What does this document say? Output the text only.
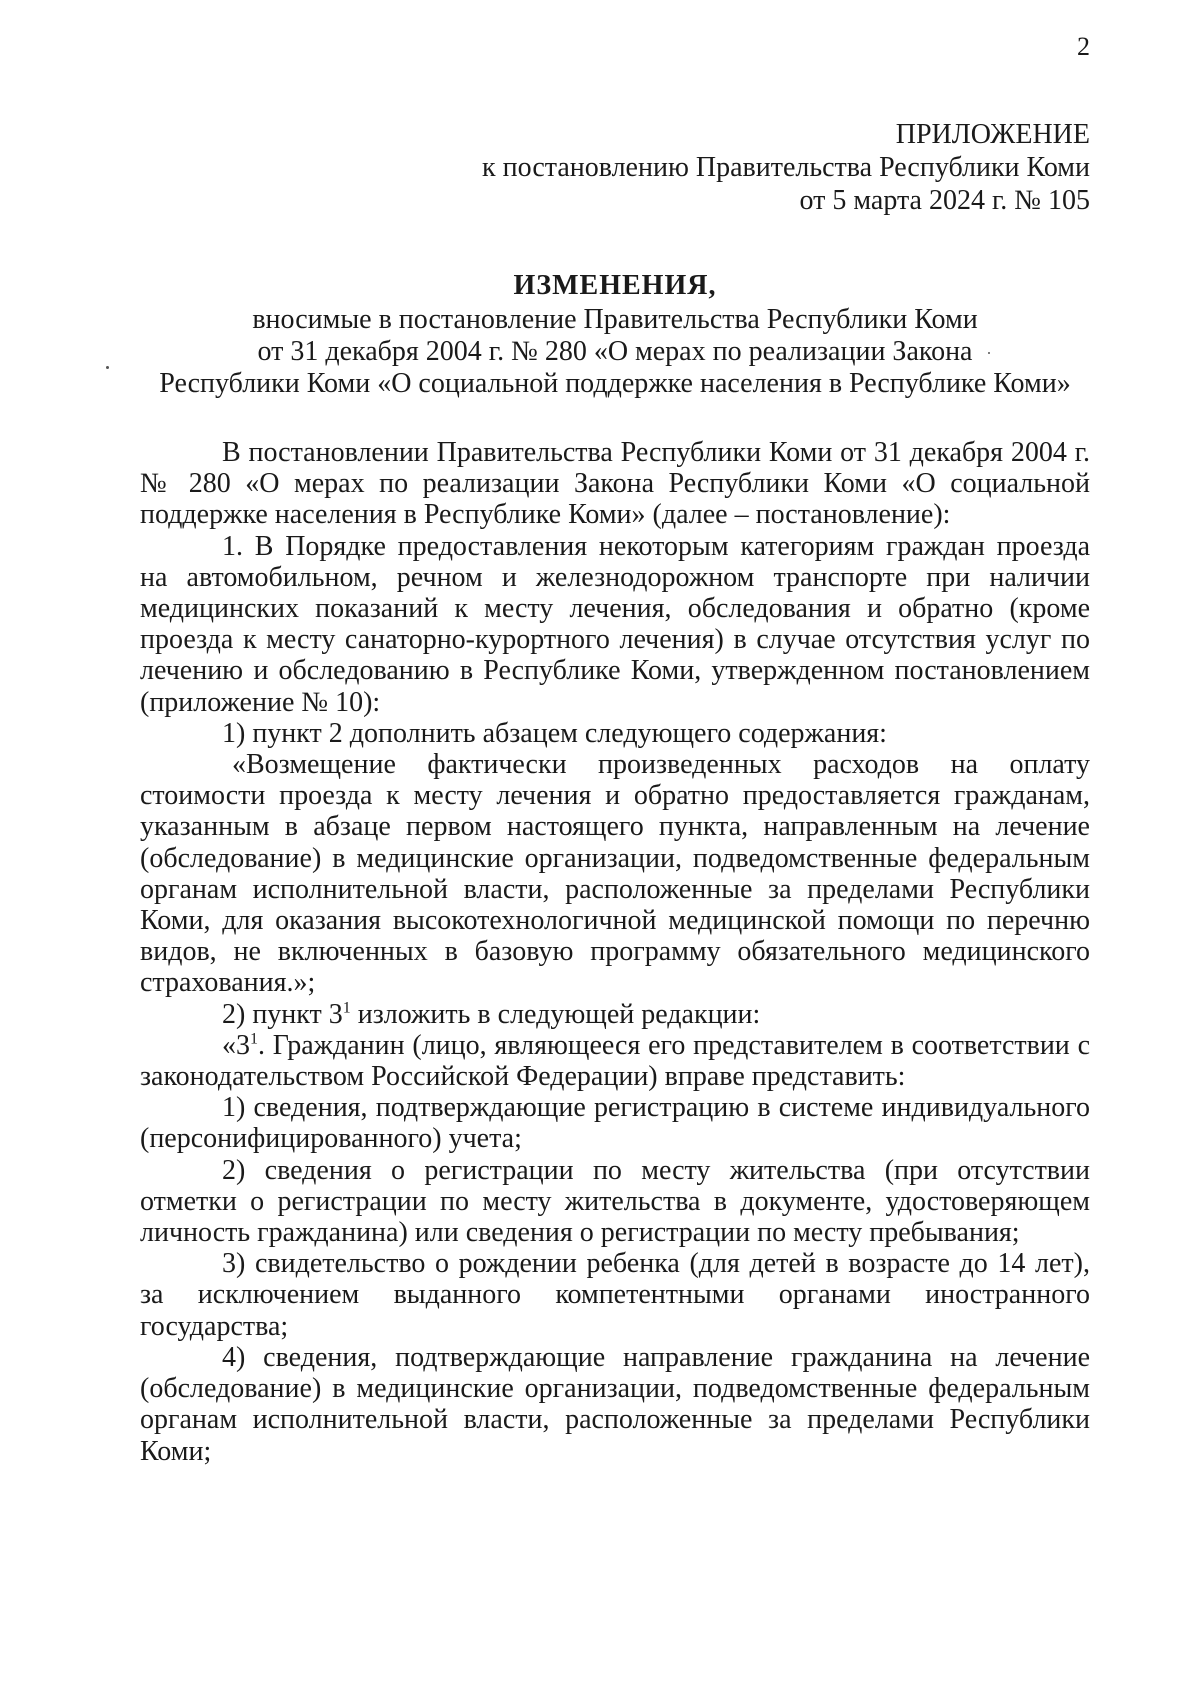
2
ПРИЛОЖЕНИЕ
к постановлению Правительства Республики Коми
от 5 марта 2024 г. № 105
ИЗМЕНЕНИЯ,
вносимые в постановление Правительства Республики Коми
от 31 декабря 2004 г. № 280 «О мерах по реализации Закона
Республики Коми «О социальной поддержке населения в Республике Коми»

В постановлении Правительства Республики Коми от 31 декабря 2004 г. № 280 «О мерах по реализации Закона Республики Коми «О социальной поддержке населения в Республике Коми» (далее – постановление):

1. В Порядке предоставления некоторым категориям граждан проезда на автомобильном, речном и железнодорожном транспорте при наличии медицинских показаний к месту лечения, обследования и обратно (кроме проезда к месту санаторно-курортного лечения) в случае отсутствия услуг по лечению и обследованию в Республике Коми, утвержденном постановлением (приложение № 10):

1) пункт 2 дополнить абзацем следующего содержания:

«Возмещение фактически произведенных расходов на оплату стоимости проезда к месту лечения и обратно предоставляется гражданам, указанным в абзаце первом настоящего пункта, направленным на лечение (обследование) в медицинские организации, подведомственные федеральным органам исполнительной власти, расположенные за пределами Республики Коми, для оказания высокотехнологичной медицинской помощи по перечню видов, не включенных в базовую программу обязательного медицинского страхования.»;

2) пункт $3^1$ изложить в следующей редакции:

«$3^1$. Гражданин (лицо, являющееся его представителем в соответствии с законодательством Российской Федерации) вправе представить:

1) сведения, подтверждающие регистрацию в системе индивидуального (персонифицированного) учета;

2) сведения о регистрации по месту жительства (при отсутствии отметки о регистрации по месту жительства в документе, удостоверяющем личность гражданина) или сведения о регистрации по месту пребывания;

3) свидетельство о рождении ребенка (для детей в возрасте до 14 лет), за исключением выданного компетентными органами иностранного государства;

4) сведения, подтверждающие направление гражданина на лечение (обследование) в медицинские организации, подведомственные федеральным органам исполнительной власти, расположенные за пределами Республики Коми;
